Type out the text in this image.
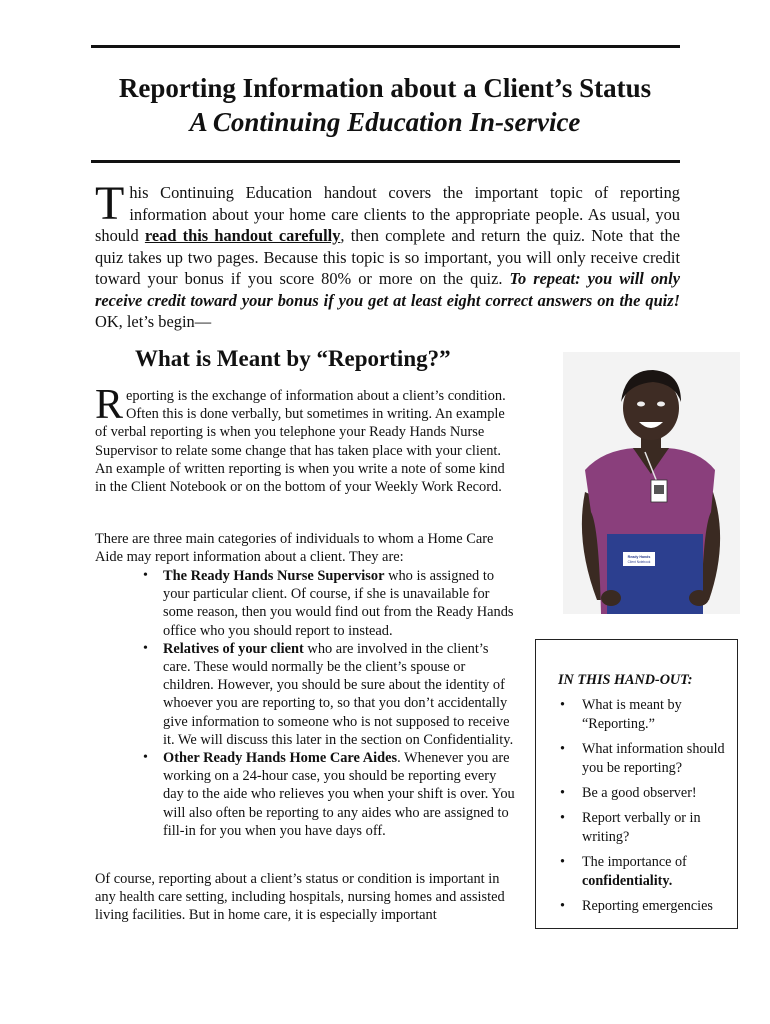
Reporting Information about a Client’s Status
A Continuing Education In-service

This Continuing Education handout covers the important topic of reporting information about your home care clients to the appropriate people. As usual, you should read this handout carefully, then complete and return the quiz. Note that the quiz takes up two pages. Because this topic is so important, you will only receive credit toward your bonus if you score 80% or more on the quiz. To repeat: you will only receive credit toward your bonus if you get at least eight correct answers on the quiz! OK, let’s begin—

What is Meant by “Reporting?”

Reporting is the exchange of information about a client’s condition. Often this is done verbally, but sometimes in writing. An example of verbal reporting is when you telephone your Ready Hands Nurse Supervisor to relate some change that has taken place with your client. An example of written reporting is when you write a note of some kind in the Client Notebook or on the bottom of your Weekly Work Record.

There are three main categories of individuals to whom a Home Care Aide may report information about a client. They are:

• The Ready Hands Nurse Supervisor who is assigned to your particular client. Of course, if she is unavailable for some reason, then you would find out from the Ready Hands office who you should report to instead.
• Relatives of your client who are involved in the client’s care. These would normally be the client’s spouse or children. However, you should be sure about the identity of whoever you are reporting to, so that you don’t accidentally give information to someone who is not supposed to receive it. We will discuss this later in the section on Confidentiality.
• Other Ready Hands Home Care Aides. Whenever you are working on a 24-hour case, you should be reporting every day to the aide who relieves you when your shift is over. You will also often be reporting to any aides who are assigned to fill-in for you when you have days off.

Of course, reporting about a client’s status or condition is important in any health care setting, including hospitals, nursing homes and assisted living facilities. But in home care, it is especially important

Ready Hands
Client Notebook

IN THIS HAND-OUT:

• What is meant by “Reporting.”
• What information should you be reporting?
• Be a good observer!
• Report verbally or in writing?
• The importance of confidentiality.
• Reporting emergencies
